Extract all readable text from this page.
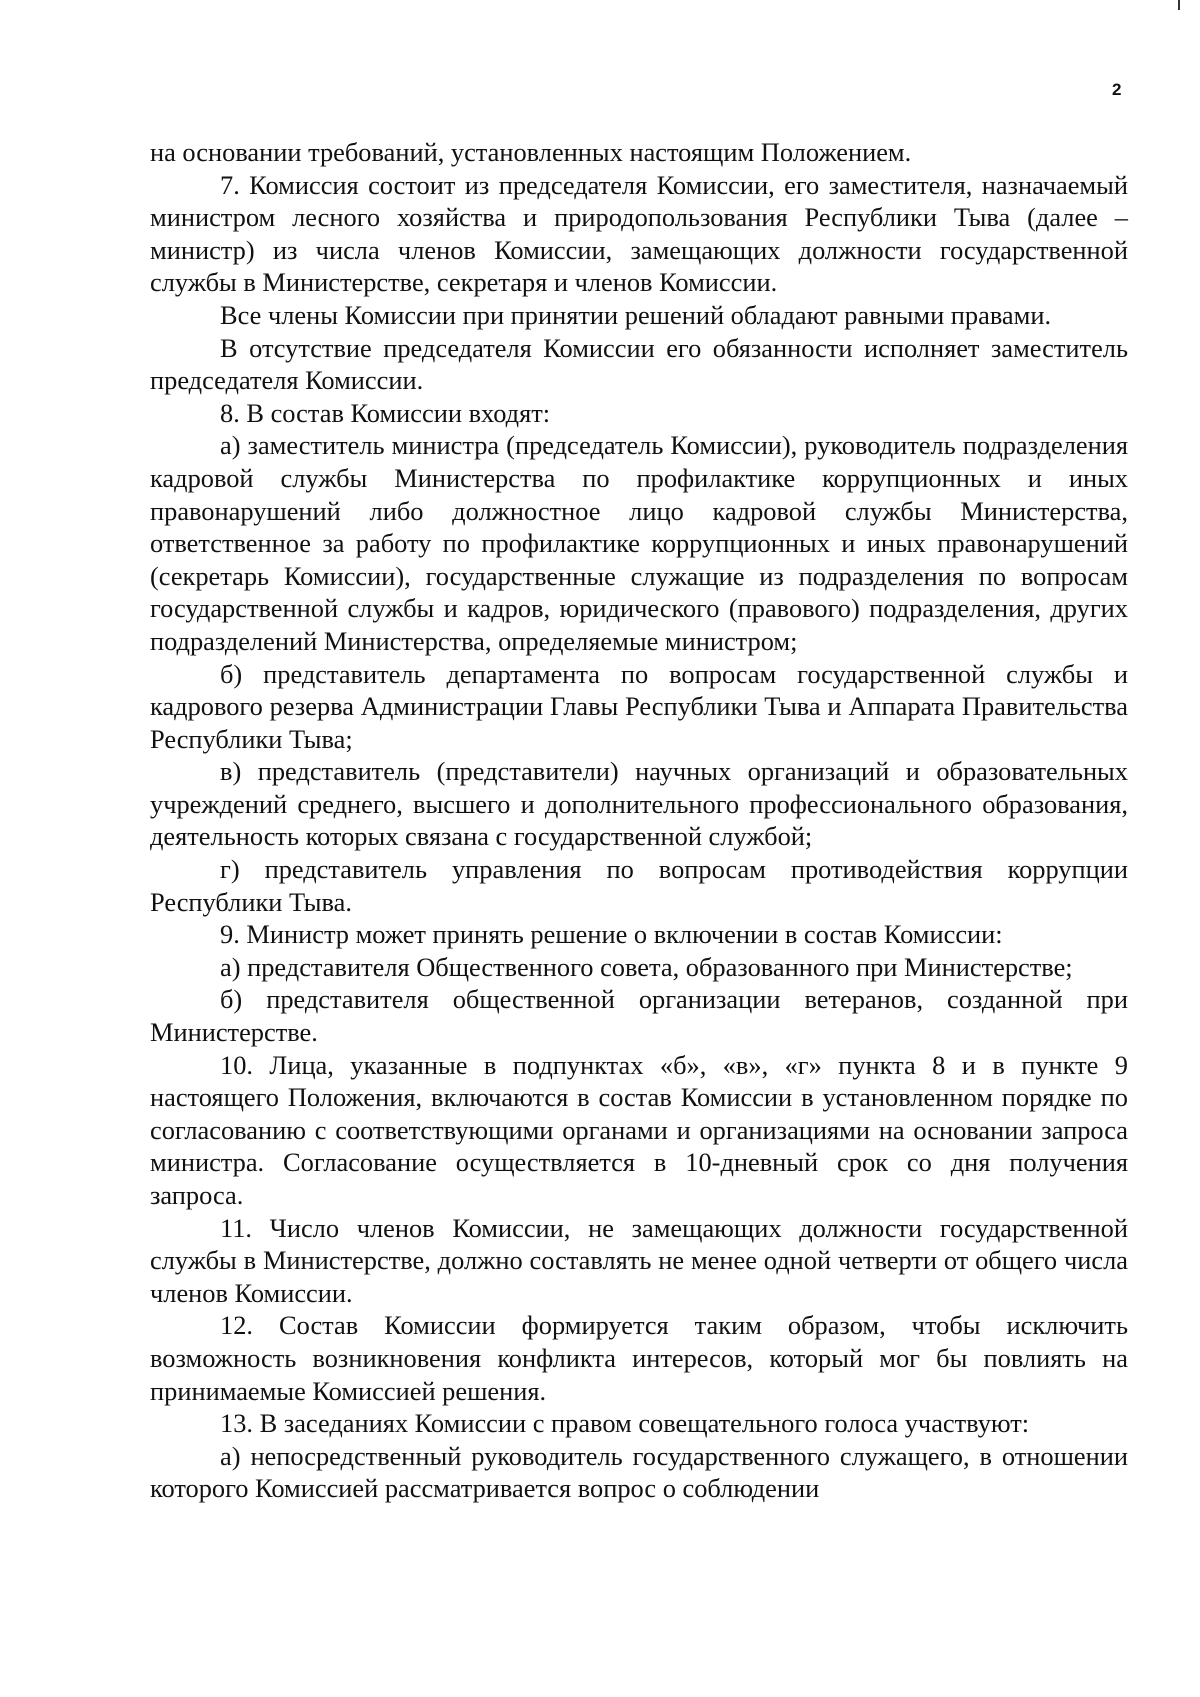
2

на основании требований, установленных настоящим Положением.

7. Комиссия состоит из председателя Комиссии, его заместителя, назначаемый министром лесного хозяйства и природопользования Республики Тыва (далее – министр) из числа членов Комиссии, замещающих должности государственной службы в Министерстве, секретаря и членов Комиссии.

Все члены Комиссии при принятии решений обладают равными правами.

В отсутствие председателя Комиссии его обязанности исполняет заместитель председателя Комиссии.

8. В состав Комиссии входят:

а) заместитель министра (председатель Комиссии), руководитель подразделения кадровой службы Министерства по профилактике коррупционных и иных правонарушений либо должностное лицо кадровой службы Министерства, ответственное за работу по профилактике коррупционных и иных правонарушений (секретарь Комиссии), государственные служащие из подразделения по вопросам государственной службы и кадров, юридического (правового) подразделения, других подразделений Министерства, определяемые министром;

б) представитель департамента по вопросам государственной службы и кадрового резерва Администрации Главы Республики Тыва и Аппарата Правительства Республики Тыва;

в) представитель (представители) научных организаций и образовательных учреждений среднего, высшего и дополнительного профессионального образования, деятельность которых связана с государственной службой;

г) представитель управления по вопросам противодействия коррупции Республики Тыва.

9. Министр может принять решение о включении в состав Комиссии:

а) представителя Общественного совета, образованного при Министерстве;

б) представителя общественной организации ветеранов, созданной при Министерстве.

10. Лица, указанные в подпунктах «б», «в», «г» пункта 8 и в пункте 9 настоящего Положения, включаются в состав Комиссии в установленном порядке по согласованию с соответствующими органами и организациями на основании запроса министра. Согласование осуществляется в 10-дневный срок со дня получения запроса.

11. Число членов Комиссии, не замещающих должности государственной службы в Министерстве, должно составлять не менее одной четверти от общего числа членов Комиссии.

12. Состав Комиссии формируется таким образом, чтобы исключить возможность возникновения конфликта интересов, который мог бы повлиять на принимаемые Комиссией решения.

13. В заседаниях Комиссии с правом совещательного голоса участвуют:

а) непосредственный руководитель государственного служащего, в отношении которого Комиссией рассматривается вопрос о соблюдении
